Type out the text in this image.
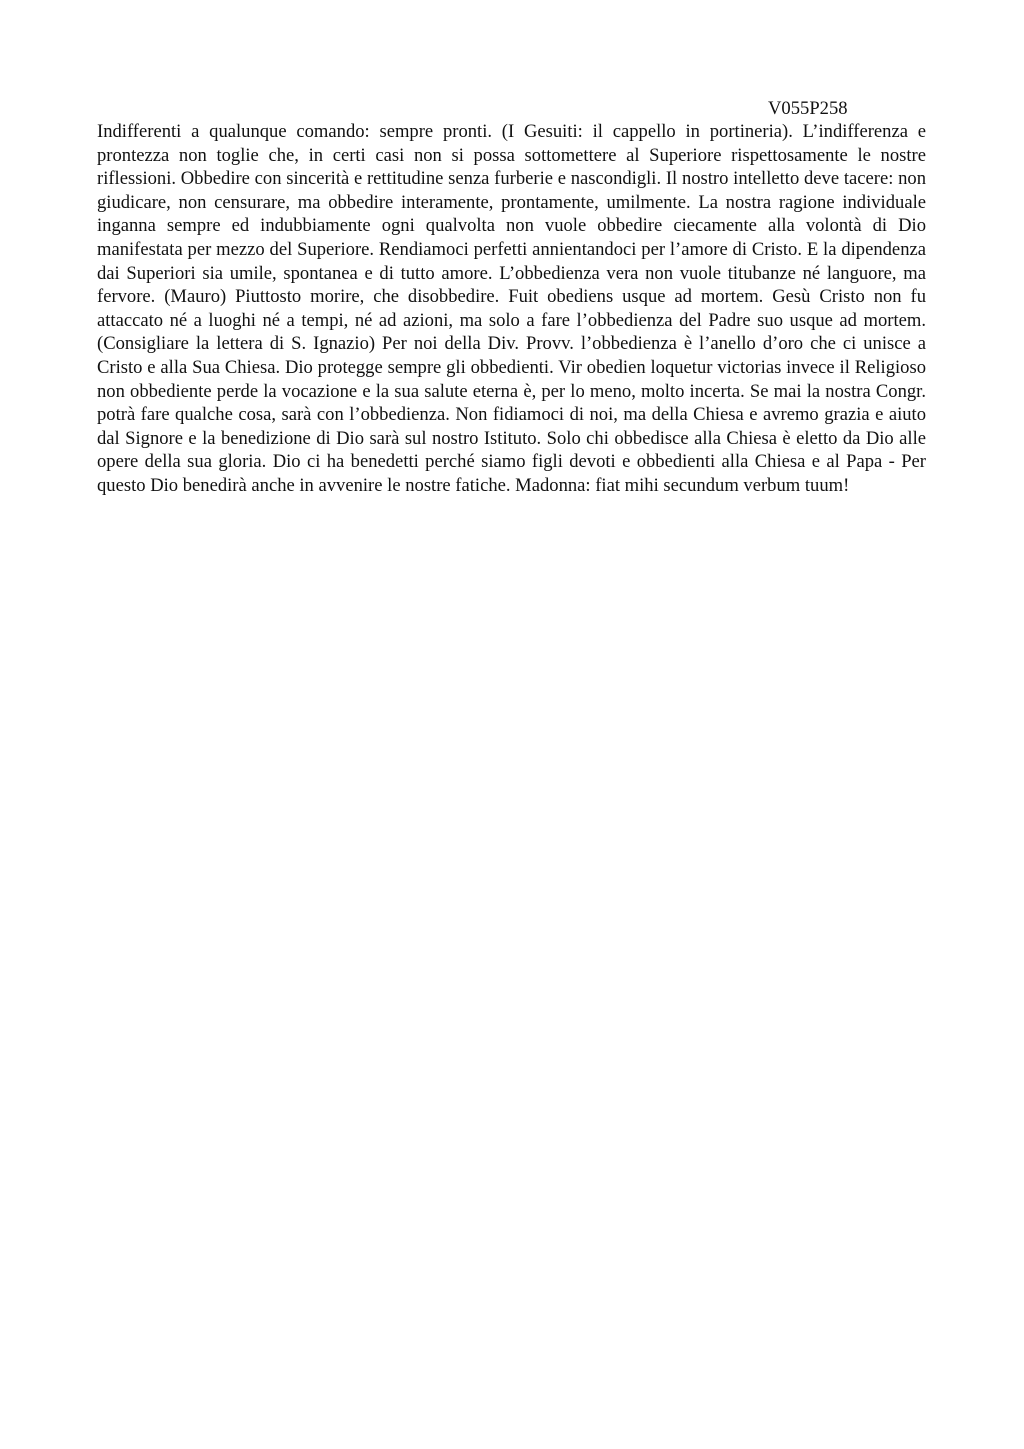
V055P258

Indifferenti a qualunque comando: sempre pronti. (I Gesuiti: il cappello in portineria). L’indifferenza e prontezza non toglie che, in certi casi non si possa sottomettere al Superiore rispettosamente le nostre riflessioni. Obbedire con sincerità e rettitudine senza furberie e nascondigli. Il nostro intelletto deve tacere: non giudicare, non censurare, ma obbedire interamente, prontamente, umilmente. La nostra ragione individuale inganna sempre ed indubbiamente ogni qualvolta non vuole obbedire ciecamente alla volontà di Dio manifestata per mezzo del Superiore. Rendiamoci perfetti annientandoci per l’amore di Cristo. E la dipendenza dai Superiori sia umile, spontanea e di tutto amore. L’obbedienza vera non vuole titubanze né languore, ma fervore. (Mauro) Piuttosto morire, che disobbedire. Fuit obediens usque ad mortem. Gesù Cristo non fu attaccato né a luoghi né a tempi, né ad azioni, ma solo a fare l’obbedienza del Padre suo usque ad mortem. (Consigliare la lettera di S. Ignazio) Per noi della Div. Provv. l’obbedienza è l’anello d’oro che ci unisce a Cristo e alla Sua Chiesa. Dio protegge sempre gli obbedienti. Vir obedien loquetur victorias invece il Religioso non obbediente perde la vocazione e la sua salute eterna è, per lo meno, molto incerta. Se mai la nostra Congr. potrà fare qualche cosa, sarà con l’obbedienza. Non fidiamoci di noi, ma della Chiesa e avremo grazia e aiuto dal Signore e la benedizione di Dio sarà sul nostro Istituto. Solo chi obbedisce alla Chiesa è eletto da Dio alle opere della sua gloria. Dio ci ha benedetti perché siamo figli devoti e obbedienti alla Chiesa e al Papa - Per questo Dio benedirà anche in avvenire le nostre fatiche. Madonna: fiat mihi secundum verbum tuum!
